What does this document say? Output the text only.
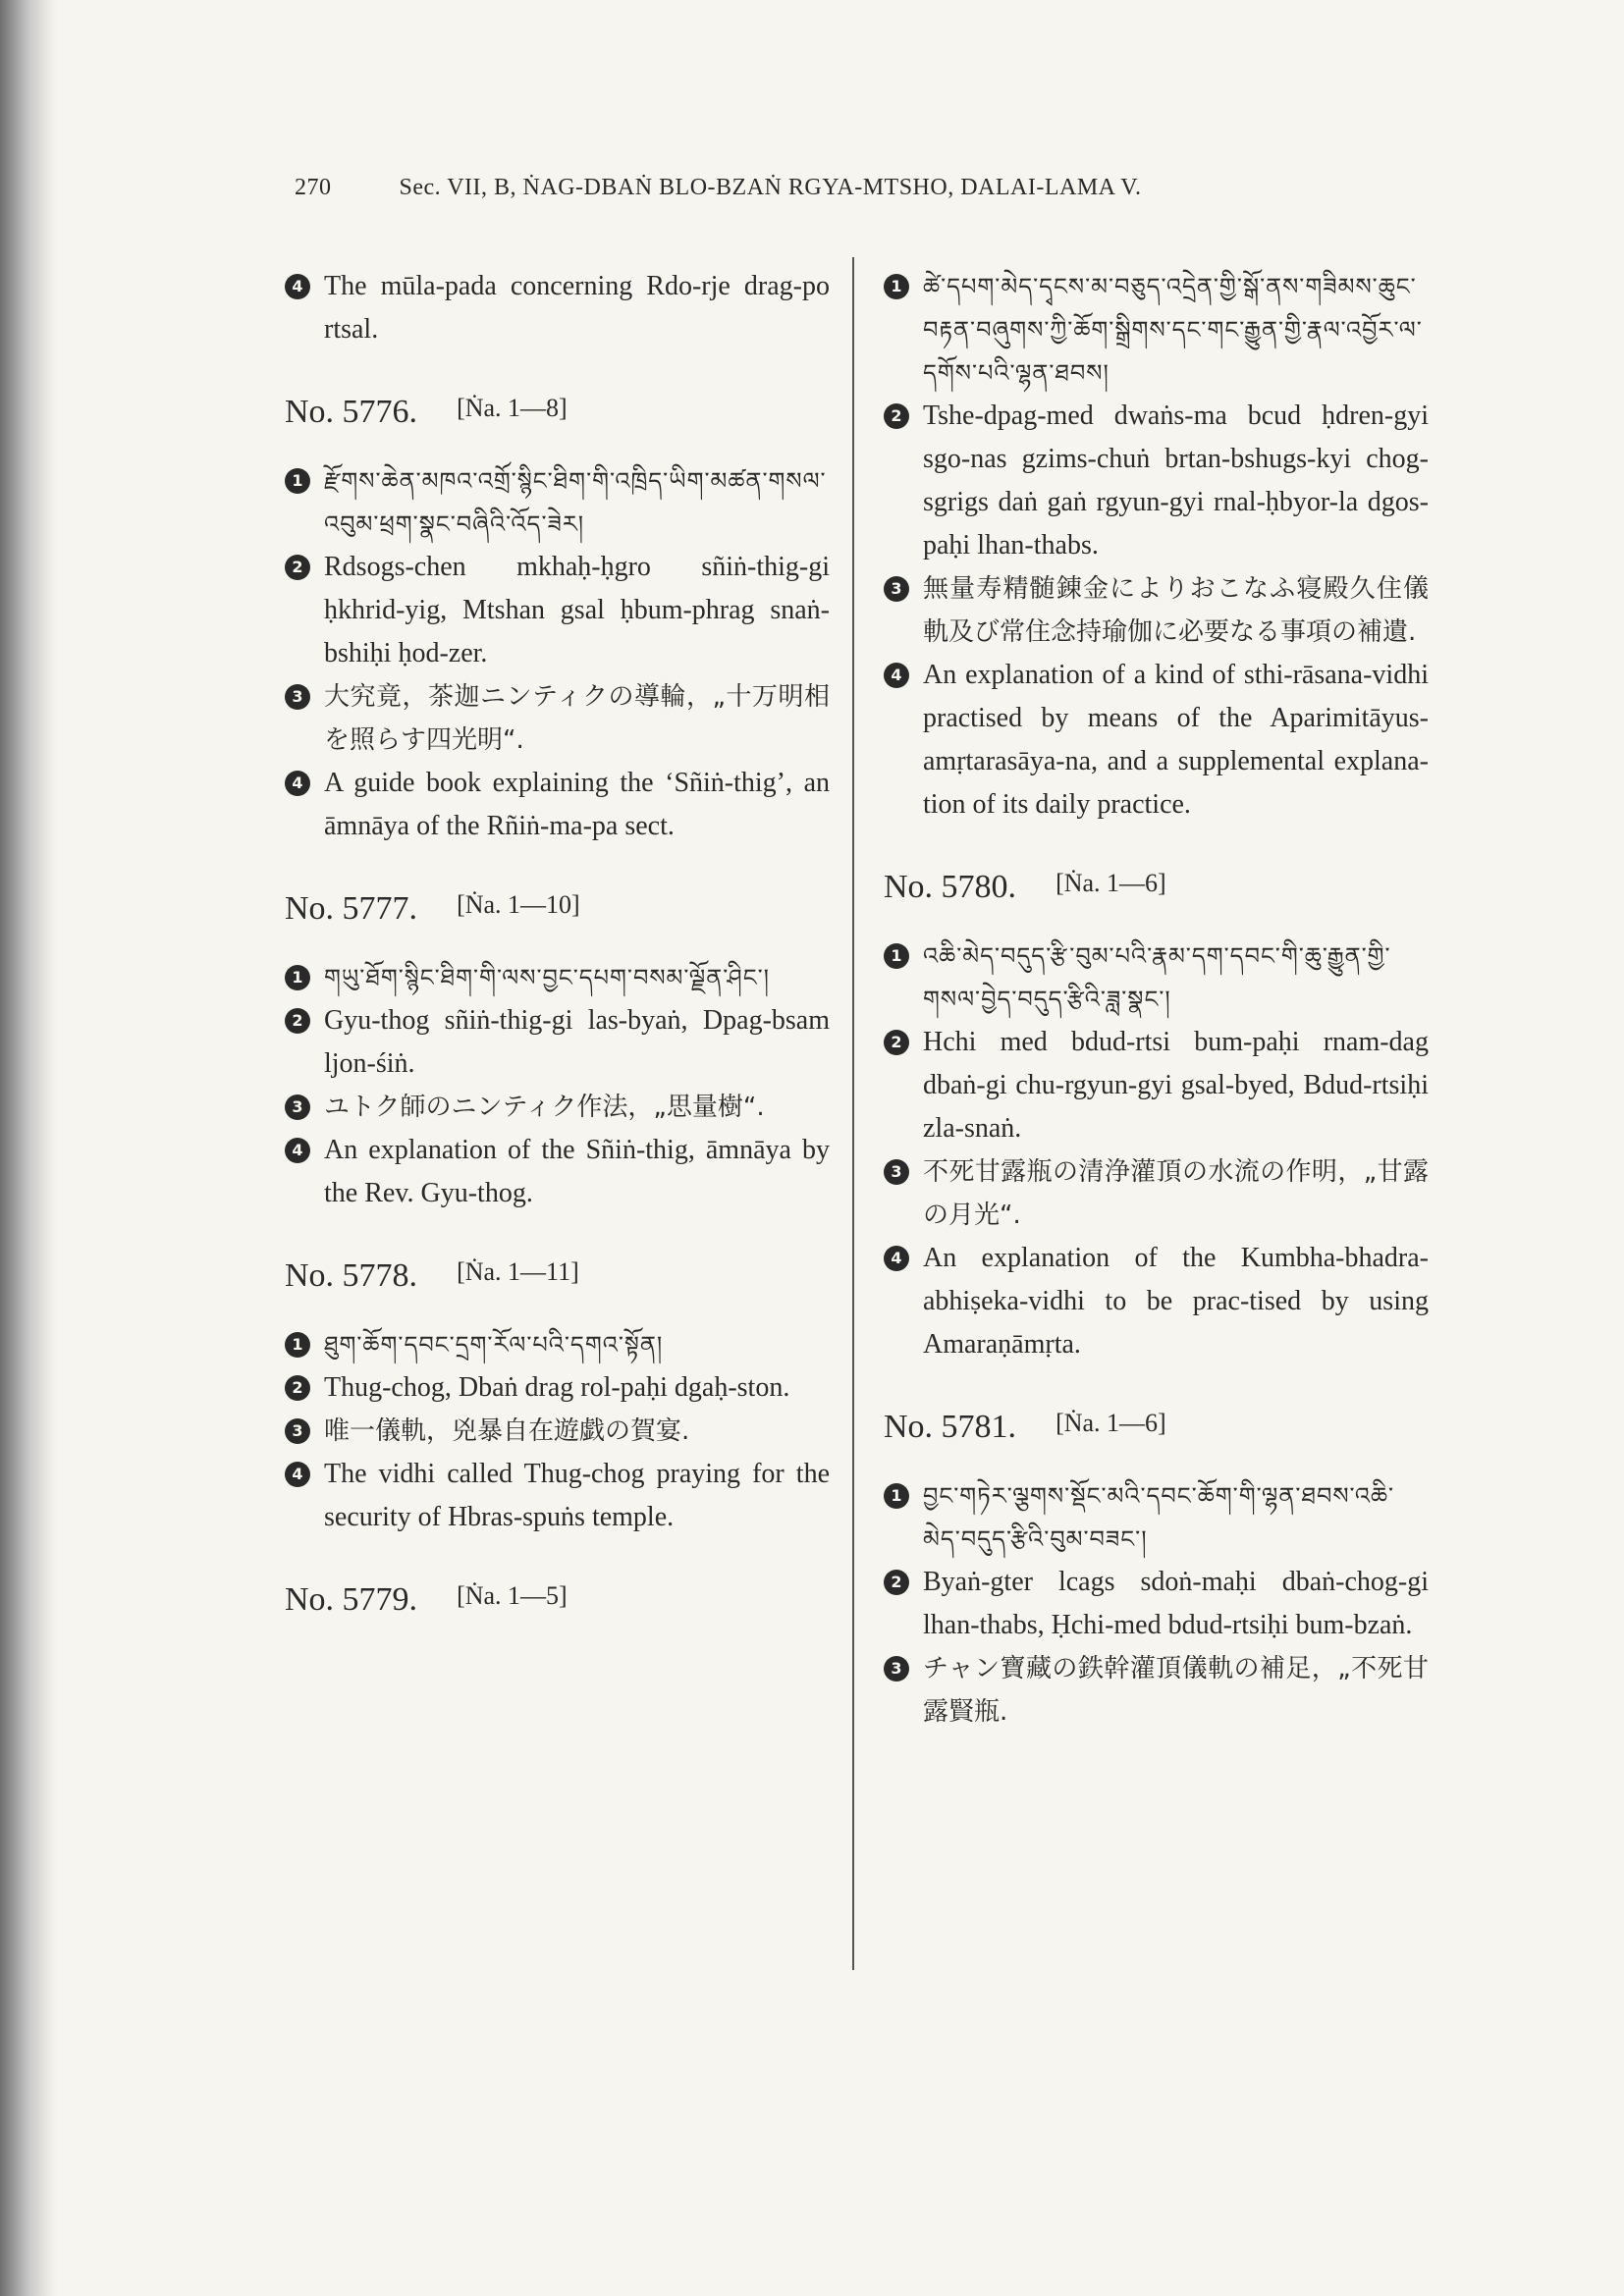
270	Sec. VII, B, ṄAG-DBAṄ BLO-BZAṄ RGYA-MTSHO, DALAI-LAMA V.
4 The mūla-pada concerning Rdo-rje drag-po rtsal.
No. 5776. [Ṅa. 1—8]
1 རྫོགས་ཆེན་མཁའ་འགྲོ་སྙིང་ཐིག་གི་འཁྲིད་ཡིག་མཚན་གསལ་འབུམ་ཕྲག་སྣང་བཞིའི་འོད་ཟེར།
2 Rdsogs-chen mkhaḥ-ḥgro sñiṅ-thig-gi ḥkhrid-yig, Mtshan gsal ḥbum-phrag snaṅ-bshiḥi ḥod-zer.
3 大究竟，茶迦ニンティクの導輪，„十万明相を照らす四光明“.
4 A guide book explaining the ‘Sñiṅ-thig’, an āmnāya of the Rñiṅ-ma-pa sect.
No. 5777. [Ṅa. 1—10]
1 གཡུ་ཐོག་སྙིང་ཐིག་གི་ལས་བྱང་དཔག་བསམ་ལྗོན་ཤིང་།
2 Gyu-thog sñiṅ-thig-gi las-byaṅ, Dpag-bsam ljon-śiṅ.
3 ユトク師のニンティク作法，„思量樹“.
4 An explanation of the Sñiṅ-thig, āmnāya by the Rev. Gyu-thog.
No. 5778. [Ṅa. 1—11]
1 ཐུག་ཆོག་དབང་དྲག་རོལ་པའི་དགའ་སྟོན།
2 Thug-chog, Dbaṅ drag rol-paḥi dgaḥ-ston.
3 唯一儀軌，兇暴自在遊戯の賀宴.
4 The vidhi called Thug-chog praying for the security of Hbras-spuṅs temple.
No. 5779. [Ṅa. 1—5]
1 ཚེ་དཔག་མེད་དྭངས་མ་བཅུད་འདྲེན་གྱི་སྒོ་ནས་གཟིམས་ཆུང་བརྟན་བཞུགས་ཀྱི་ཆོག་སྒྲིགས་དང་གང་རྒྱུན་གྱི་རྣལ་འབྱོར་ལ་དགོས་པའི་ལྷན་ཐབས།
2 Tshe-dpag-med dwaṅs-ma bcud ḥdren-gyi sgo-nas gzims-chuṅ brtan-bshugs-kyi chog-sgrigs daṅ gaṅ rgyun-gyi rnal-ḥbyor-la dgos-paḥi lhan-thabs.
3 無量寿精髄錬金によりおこなふ寝殿久住儀軌及び常住念持瑜伽に必要なる事項の補遺.
4 An explanation of a kind of sthi-rāsana-vidhi practised by means of the Aparimitāyus-amṛtarasāya-na, and a supplemental explana-tion of its daily practice.
No. 5780. [Ṅa. 1—6]
1 འཆི་མེད་བདུད་རྩི་བུམ་པའི་རྣམ་དག་དབང་གི་ཆུ་རྒྱུན་གྱི་གསལ་བྱེད་བདུད་རྩིའི་ཟླ་སྣང་།
2 Hchi med bdud-rtsi bum-paḥi rnam-dag dbaṅ-gi chu-rgyun-gyi gsal-byed, Bdud-rtsiḥi zla-snaṅ.
3 不死甘露瓶の清浄灌頂の水流の作明，„甘露の月光“.
4 An explanation of the Kumbha-bhadra-abhiṣeka-vidhi to be prac-tised by using Amaraṇāmṛta.
No. 5781. [Ṅa. 1—6]
1 བྱང་གཏེར་ལྕགས་སྡོང་མའི་དབང་ཆོག་གི་ལྷན་ཐབས་འཆི་མེད་བདུད་རྩིའི་བུམ་བཟང་།
2 Byaṅ-gter lcags sdoṅ-maḥi dbaṅ-chog-gi lhan-thabs, Ḥchi-med bdud-rtsiḥi bum-bzaṅ.
3 チャン寶藏の鉄幹灌頂儀軌の補足，„不死甘露賢瓶.
